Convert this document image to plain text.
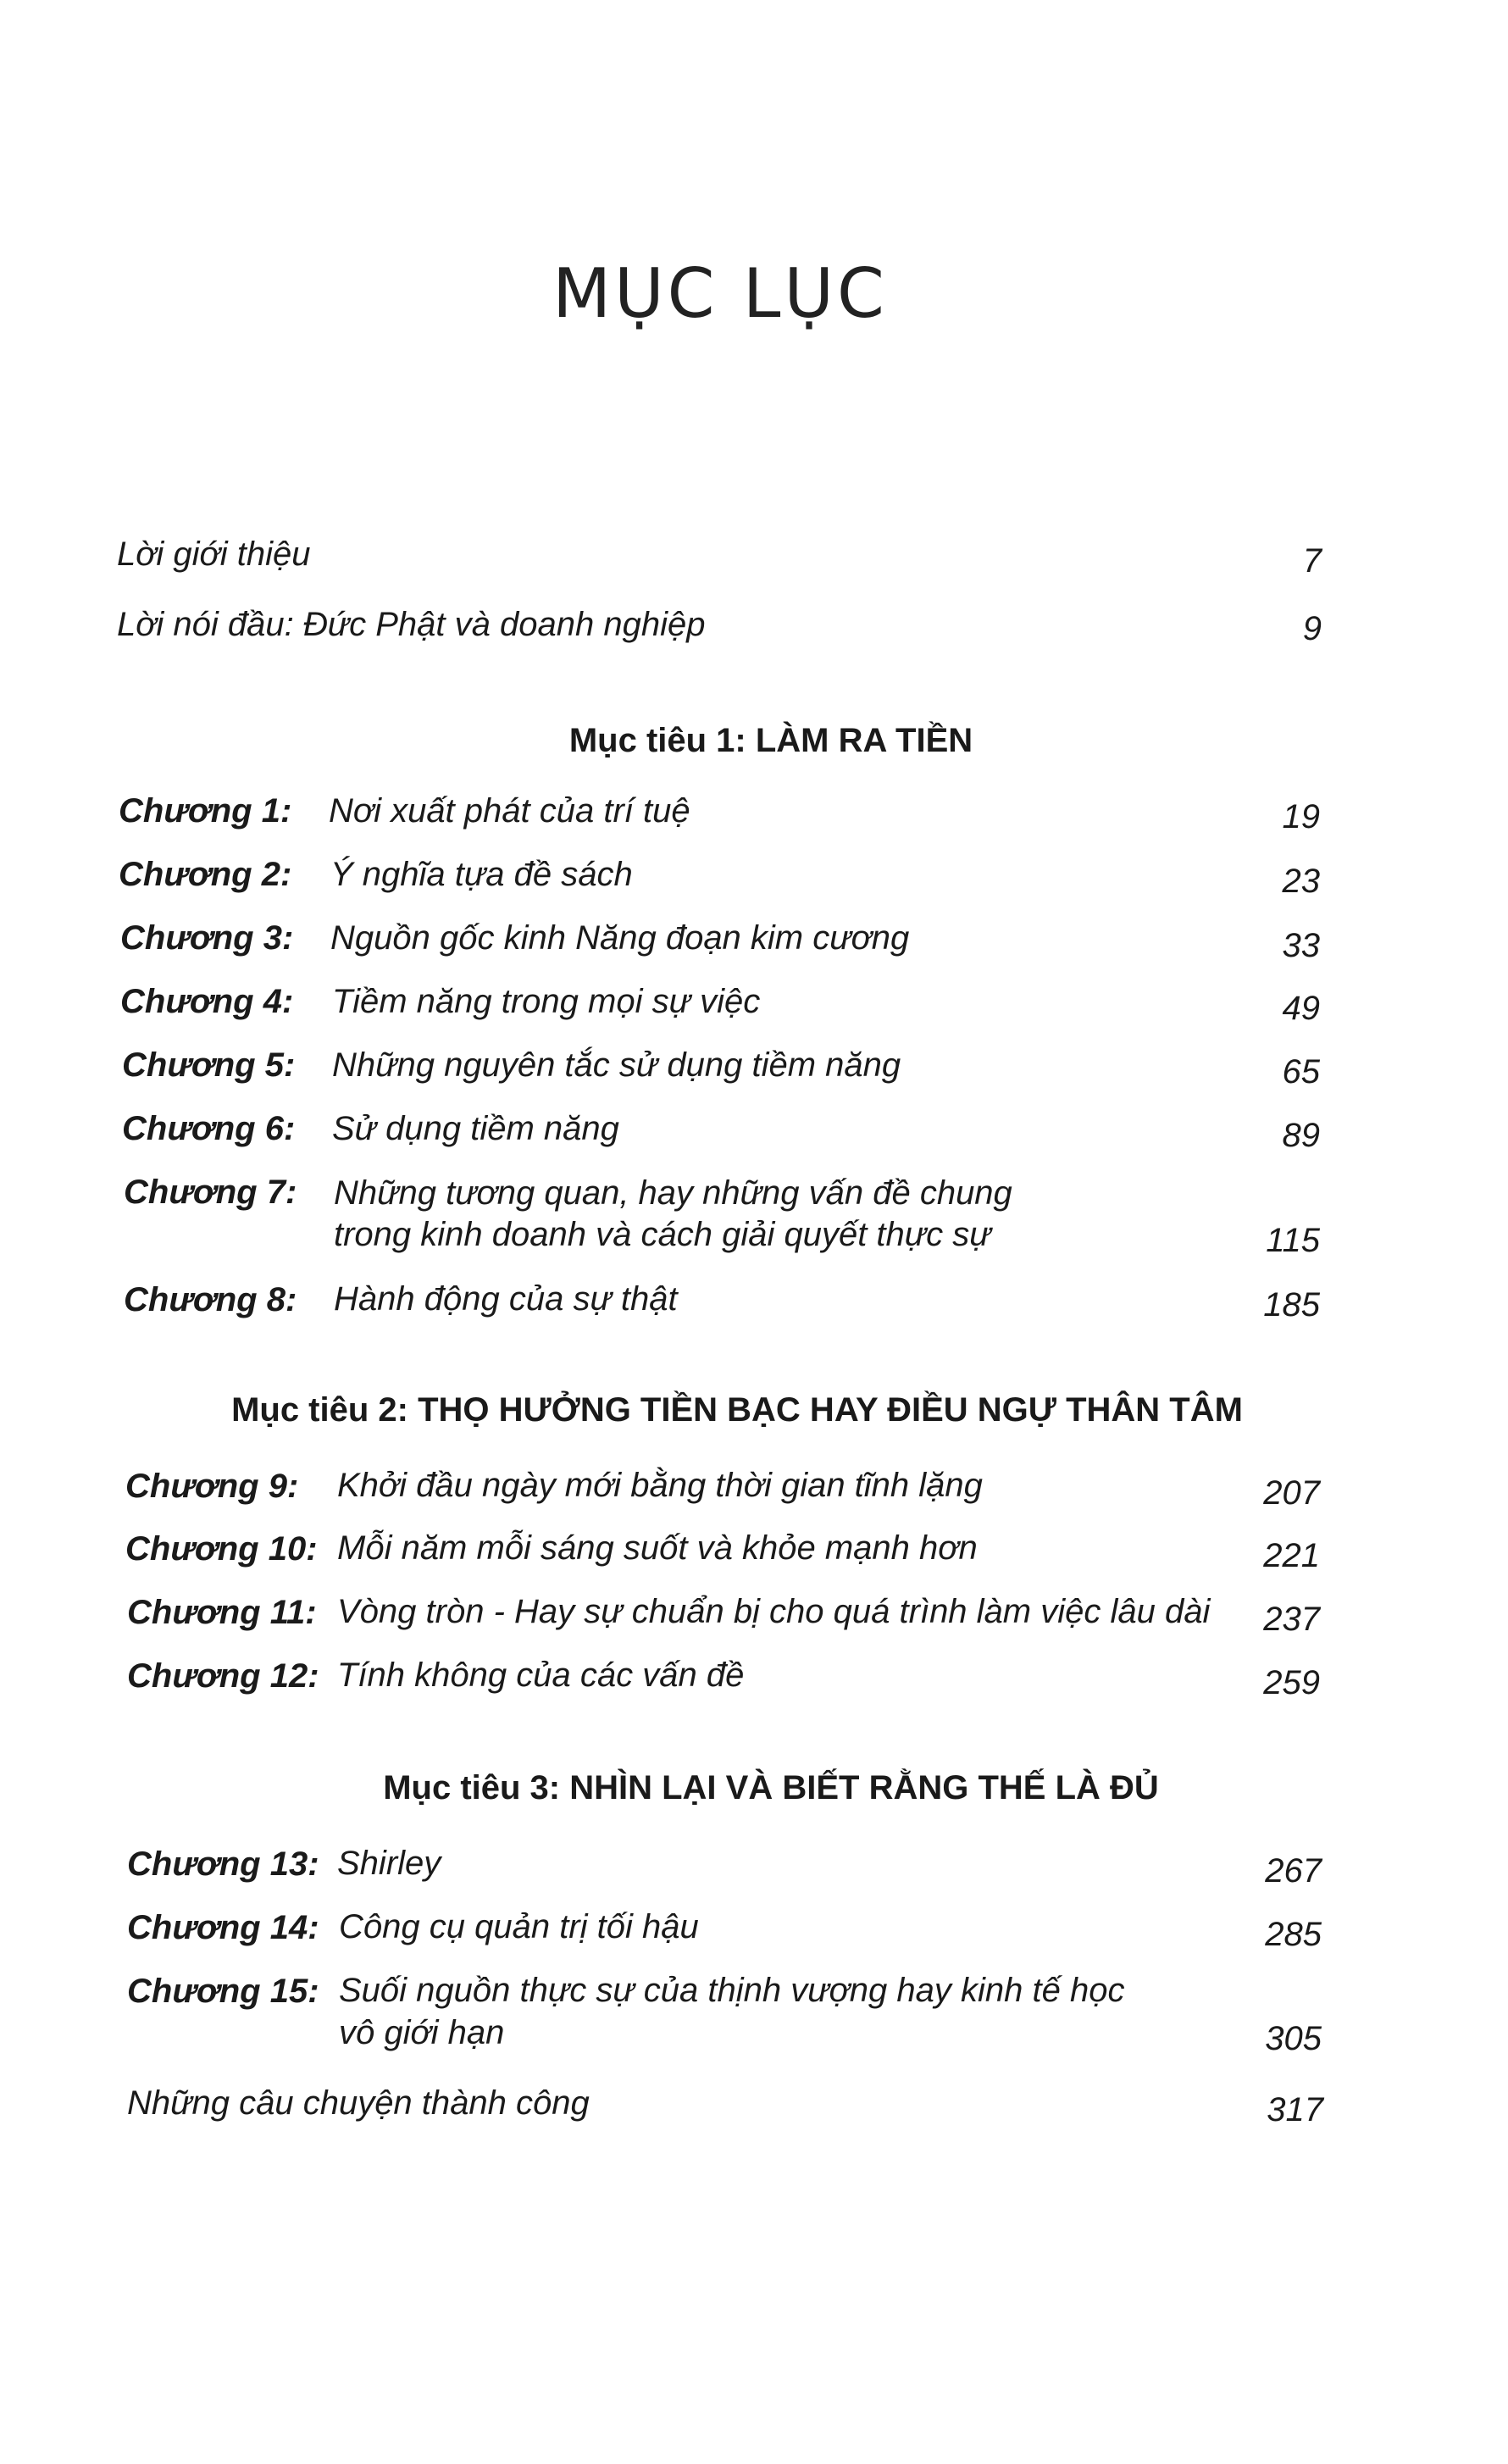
MỤC LỤC
Lời giới thiệu	7
Lời nói đầu: Đức Phật và doanh nghiệp	9
Mục tiêu 1: LÀM RA TIỀN
Chương 1: Nơi xuất phát của trí tuệ	19
Chương 2: Ý nghĩa tựa đề sách	23
Chương 3: Nguồn gốc kinh Năng đoạn kim cương	33
Chương 4: Tiềm năng trong mọi sự việc	49
Chương 5: Những nguyên tắc sử dụng tiềm năng	65
Chương 6: Sử dụng tiềm năng	89
Chương 7: Những tương quan, hay những vấn đề chung
trong kinh doanh và cách giải quyết thực sự	115
Chương 8: Hành động của sự thật	185
Mục tiêu 2: THỌ HƯỞNG TIỀN BẠC HAY ĐIỀU NGỰ THÂN TÂM
Chương 9: Khởi đầu ngày mới bằng thời gian tĩnh lặng	207
Chương 10: Mỗi năm mỗi sáng suốt và khỏe mạnh hơn	221
Chương 11: Vòng tròn - Hay sự chuẩn bị cho quá trình làm việc lâu dài	237
Chương 12: Tính không của các vấn đề	259
Mục tiêu 3: NHÌN LẠI VÀ BIẾT RẰNG THẾ LÀ ĐỦ
Chương 13: Shirley	267
Chương 14: Công cụ quản trị tối hậu	285
Chương 15: Suối nguồn thực sự của thịnh vượng hay kinh tế học
vô giới hạn	305
Những câu chuyện thành công	317
